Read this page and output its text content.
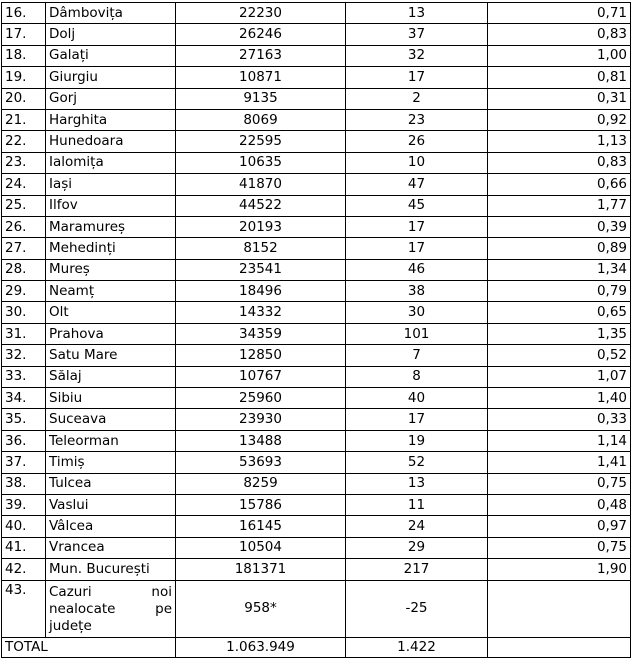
16.	Dâmbovița	22230	13	0,71
17.	Dolj	26246	37	0,83
18.	Galați	27163	32	1,00
19.	Giurgiu	10871	17	0,81
20.	Gorj	9135	2	0,31
21.	Harghita	8069	23	0,92
22.	Hunedoara	22595	26	1,13
23.	Ialomița	10635	10	0,83
24.	Iași	41870	47	0,66
25.	Ilfov	44522	45	1,77
26.	Maramureș	20193	17	0,39
27.	Mehedinți	8152	17	0,89
28.	Mureș	23541	46	1,34
29.	Neamț	18496	38	0,79
30.	Olt	14332	30	0,65
31.	Prahova	34359	101	1,35
32.	Satu Mare	12850	7	0,52
33.	Sălaj	10767	8	1,07
34.	Sibiu	25960	40	1,40
35.	Suceava	23930	17	0,33
36.	Teleorman	13488	19	1,14
37.	Timiș	53693	52	1,41
38.	Tulcea	8259	13	0,75
39.	Vaslui	15786	11	0,48
40.	Vâlcea	16145	24	0,97
41.	Vrancea	10504	29	0,75
42.	Mun. București	181371	217	1,90
43.	Cazuri noi
nealocate pe
județe	958*	-25	
TOTAL		1.063.949	1.422	
